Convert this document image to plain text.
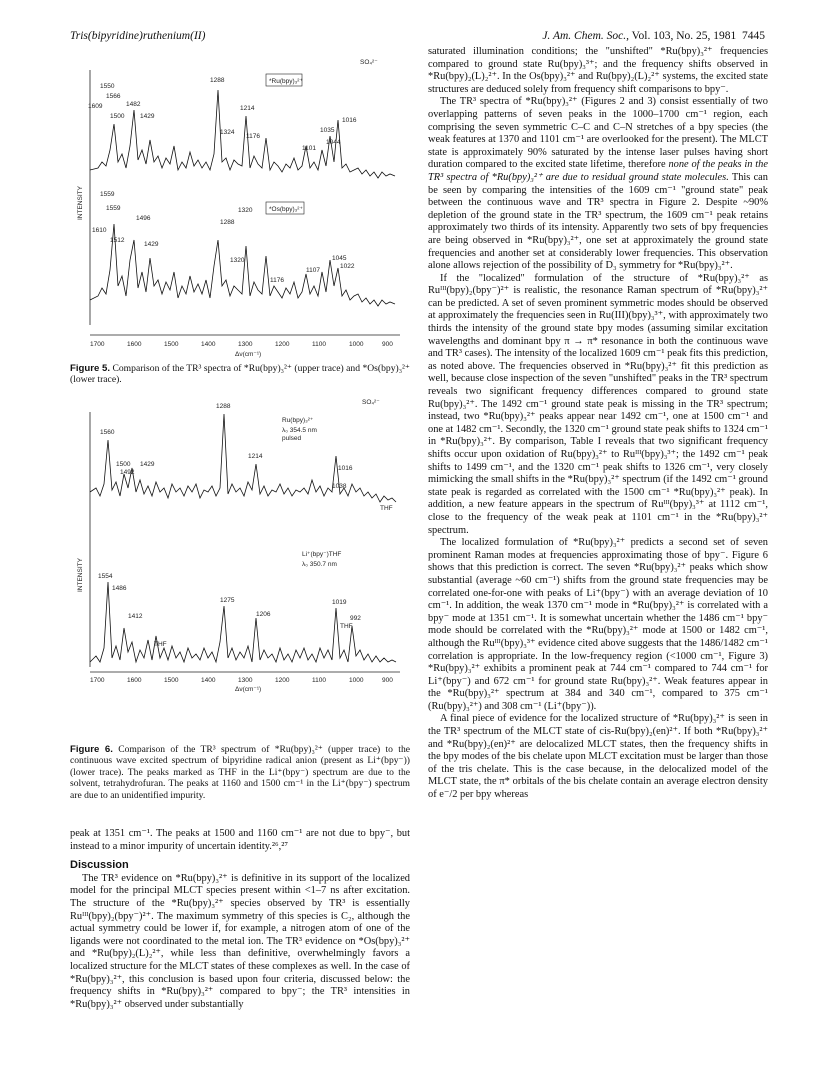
Tris(bipyridine)ruthenium(II)	J. Am. Chem. Soc., Vol. 103, No. 25, 1981 7445
INTENSITY
*Ru(bpy)₃²⁺
*Os(bpy)₃²⁺
SO₄²⁻
1550
1566
1609	1482
1500 1429
1288
1214
1324
1176
1016
1035
1101
1044
1559
1559
1496
1610
1512
1429
1320
1288
1320	1045
1022
1107
1176
1700	1600	1500	1400	1300	1200	1100	1000	900
Δν(cm⁻¹)
Figure 5. Comparison of the TR³ spectra of *Ru(bpy)₃²⁺ (upper trace) and *Os(bpy)₃²⁺ (lower trace).
INTENSITY
Ru(bpy)₃²⁺
λ₀ 354.5 nm
pulsed
Li⁺(bpy⁻)THF
λ₀ 350.7 nm
SO₄²⁻
THF
THF
THF
1560
1288
1500 1429
1492
1214
1016
1038
1554
1486
1412
1275
1206
1019
992
1700	1600	1500	1400	1300	1200	1100	1000	900
Δν(cm⁻¹)
Figure 6. Comparison of the TR³ spectrum of *Ru(bpy)₃²⁺ (upper trace) to the continuous wave excited spectrum of bipyridine radical anion (present as Li⁺(bpy⁻)) (lower trace). The peaks marked as THF in the Li⁺(bpy⁻) spectrum are due to the solvent, tetrahydrofuran. The peaks at 1160 and 1500 cm⁻¹ in the Li⁺(bpy⁻) spectrum are due to an unidentified impurity.

peak at 1351 cm⁻¹. The peaks at 1500 and 1160 cm⁻¹ are not due to bpy⁻, but instead to a minor impurity of uncertain identity.²⁶,²⁷

Discussion

The TR³ evidence on *Ru(bpy)₃²⁺ is definitive in its support of the localized model for the principal MLCT species present within <1–7 ns after excitation. The structure of the *Ru(bpy)₃²⁺ species observed by TR³ is essentially Ruᴵᴵᴵ(bpy)₂(bpy⁻)²⁺. The maximum symmetry of this species is C₂, although the actual symmetry could be lower if, for example, a nitrogen atom of one of the ligands were not coordinated to the metal ion. The TR³ evidence on *Os(bpy)₃²⁺ and *Ru(bpy)₂(L)₂²⁺, while less than definitive, overwhelmingly favors a localized structure for the MLCT states of these complexes as well. In the case of *Ru(bpy)₃²⁺, this conclusion is based upon four criteria, discussed below: the frequency shifts in *Ru(bpy)₃²⁺ compared to bpy⁻; the TR³ intensities in *Ru(bpy)₃²⁺ observed under substantially

saturated illumination conditions; the "unshifted" *Ru(bpy)₃²⁺ frequencies compared to ground state Ru(bpy)₃³⁺; and the frequency shifts observed in *Ru(bpy)₂(L)₂²⁺. In the Os(bpy)₃²⁺ and Ru(bpy)₂(L)₂²⁺ systems, the excited state structures are deduced solely from frequency shift comparisons to bpy⁻.

The TR³ spectra of *Ru(bpy)₃²⁺ (Figures 2 and 3) consist essentially of two overlapping patterns of seven peaks in the 1000–1700 cm⁻¹ region, each comprising the seven symmetric C–C and C–N stretches of a bpy species (the weak features at 1370 and 1101 cm⁻¹ are overlooked for the present). The MLCT state is approximately 90% saturated by the intense laser pulses having short duration compared to the excited state lifetime, therefore none of the peaks in the TR³ spectra of *Ru(bpy)₃²⁺ are due to residual ground state molecules. This can be seen by comparing the intensities of the 1609 cm⁻¹ "ground state" peak between the continuous wave and TR³ spectra in Figure 2. Despite ~90% depletion of the ground state in the TR³ spectrum, the 1609 cm⁻¹ peak retains approximately two thirds of its intensity. Apparently two sets of bpy frequencies are being observed in *Ru(bpy)₃²⁺, one set at approximately the ground state frequencies and another set at considerably lower frequencies. This observation alone allows rejection of the possibility of D₃ symmetry for *Ru(bpy)₃²⁺.

If the "localized" formulation of the structure of *Ru(bpy)₃²⁺ as Ruᴵᴵᴵ(bpy)₂(bpy⁻)²⁺ is realistic, the resonance Raman spectrum of *Ru(bpy)₃²⁺ can be predicted. A set of seven prominent symmetric modes should be observed at approximately the frequencies seen in Ru(III)(bpy)₃³⁺, with approximately two thirds the intensity of the ground state bpy modes (assuming similar excitation wavelengths and dominant bpy π → π* resonance in both the continuous wave and TR³ cases). The intensity of the localized 1609 cm⁻¹ peak fits this prediction, as noted above. The frequencies observed in *Ru(bpy)₃²⁺ fit this prediction as well, because close inspection of the seven "unshifted" peaks in the TR³ spectrum reveals two significant frequency differences compared to ground state Ru(bpy)₃²⁺. The 1492 cm⁻¹ ground state peak is missing in the TR³ spectrum; instead, two *Ru(bpy)₃²⁺ peaks appear near 1492 cm⁻¹, one at 1500 cm⁻¹ and one at 1482 cm⁻¹. Secondly, the 1320 cm⁻¹ ground state peak shifts to 1324 cm⁻¹ in *Ru(bpy)₃²⁺. By comparison, Table I reveals that two significant frequency shifts occur upon oxidation of Ru(bpy)₃²⁺ to Ruᴵᴵᴵ(bpy)₃³⁺; the 1492 cm⁻¹ peak shifts to 1499 cm⁻¹, and the 1320 cm⁻¹ peak shifts to 1326 cm⁻¹, very closely mimicking the small shifts in the *Ru(bpy)₃²⁺ spectrum (if the 1492 cm⁻¹ ground state peak is regarded as correlated with the 1500 cm⁻¹ *Ru(bpy)₃²⁺ peak). In addition, a new feature appears in the spectrum of Ruᴵᴵᴵ(bpy)₃³⁺ at 1112 cm⁻¹, close to the frequency of the weak peak at 1101 cm⁻¹ in the *Ru(bpy)₃²⁺ spectrum.

The localized formulation of *Ru(bpy)₃²⁺ predicts a second set of seven prominent Raman modes at frequencies approximating those of bpy⁻. Figure 6 shows that this prediction is correct. The seven *Ru(bpy)₃²⁺ peaks which show substantial (average ~60 cm⁻¹) shifts from the ground state frequencies may be correlated one-for-one with peaks of Li⁺(bpy⁻) with an average deviation of 10 cm⁻¹. In addition, the weak 1370 cm⁻¹ mode in *Ru(bpy)₃²⁺ is correlated with a bpy⁻ mode at 1351 cm⁻¹. It is somewhat uncertain whether the 1486 cm⁻¹ bpy⁻ mode should be correlated with the *Ru(bpy)₃²⁺ mode at 1500 or 1482 cm⁻¹, although the Ruᴵᴵᴵ(bpy)₃³⁺ evidence cited above suggests that the 1486/1482 cm⁻¹ correlation is appropriate. In the low-frequency region (<1000 cm⁻¹, Figure 3) *Ru(bpy)₃²⁺ exhibits a prominent peak at 744 cm⁻¹ compared to 744 cm⁻¹ for Li⁺(bpy⁻) and 672 cm⁻¹ for ground state Ru(bpy)₃²⁺. Weak features appear in the *Ru(bpy)₃²⁺ spectrum at 384 and 340 cm⁻¹, compared to 375 cm⁻¹ (Ru(bpy)₃²⁺) and 308 cm⁻¹ (Li⁺(bpy⁻)).

A final piece of evidence for the localized structure of *Ru(bpy)₃²⁺ is seen in the TR³ spectrum of the MLCT state of cis-Ru(bpy)₂(en)²⁺. If both *Ru(bpy)₃²⁺ and *Ru(bpy)₂(en)²⁺ are delocalized MLCT states, then the frequency shifts in the bpy modes of the bis chelate upon MLCT excitation must be larger than those of the tris chelate. This is the case because, in the delocalized model of the MLCT state, the π* orbitals of the bis chelate contain an average electron density of e⁻/2 per bpy whereas
